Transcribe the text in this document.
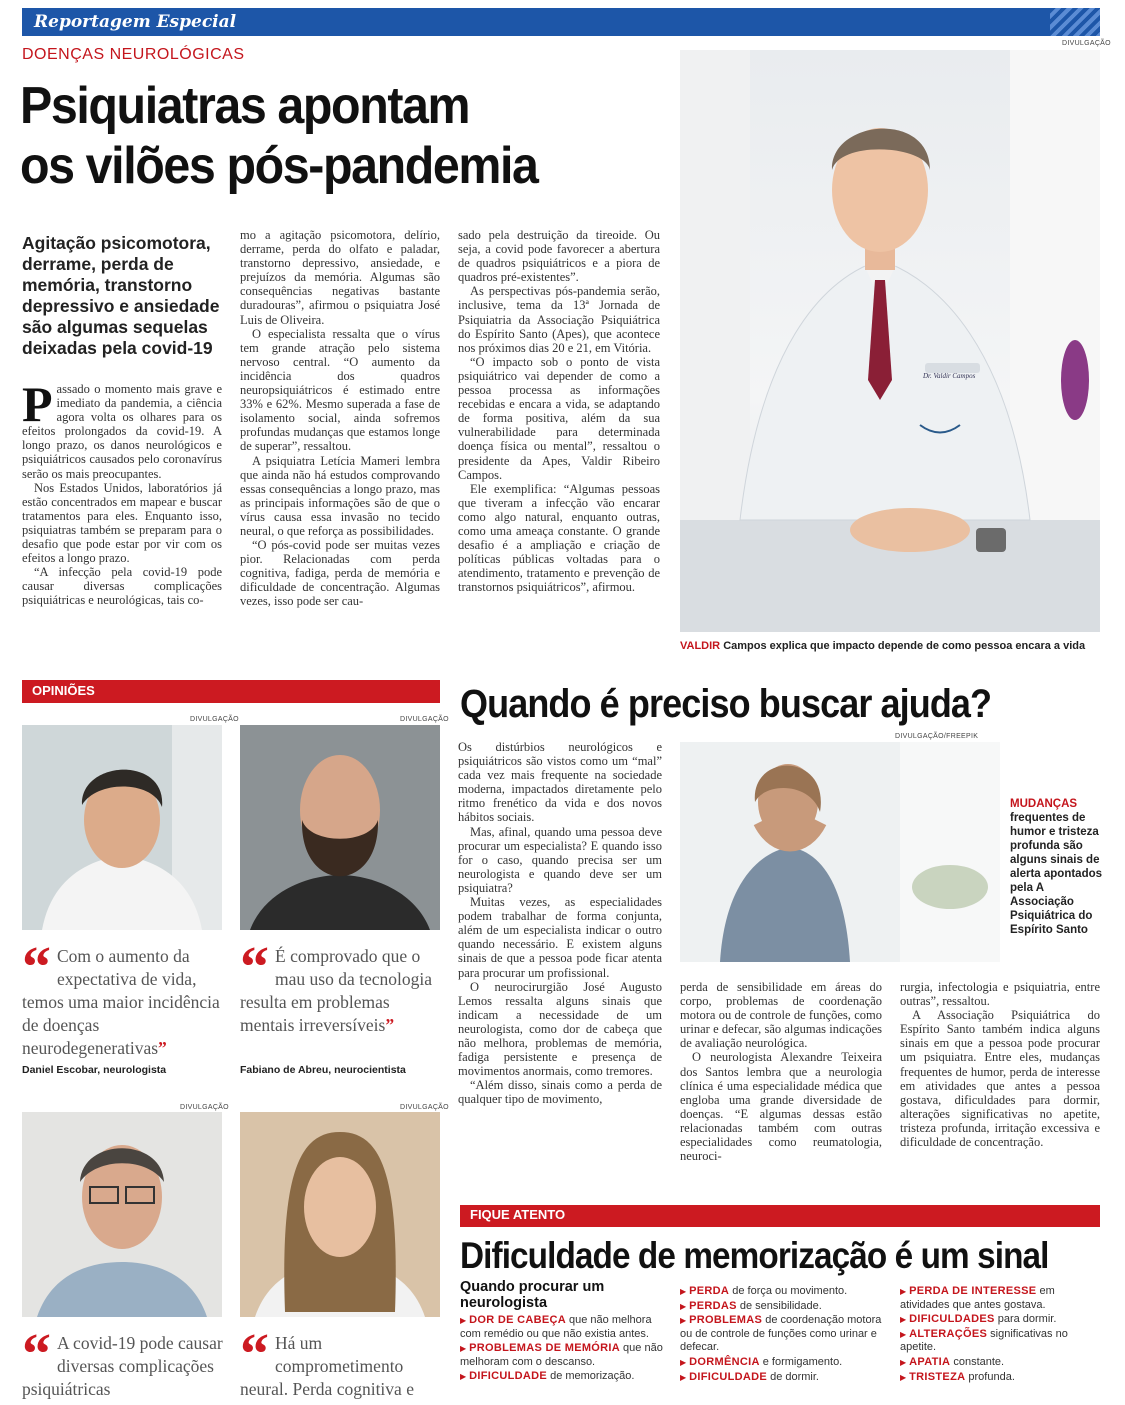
Reportagem Especial
DOENÇAS NEUROLÓGICAS
Psiquiatras apontam
os vilões pós-pandemia
Agitação psicomotora, derrame, perda de memória, transtorno depressivo e ansiedade são algumas sequelas deixadas pela covid-19

Passado o momento mais grave e imediato da pandemia, a ciência agora volta os olhares para os efeitos prolongados da covid-19. A longo prazo, os danos neurológicos e psiquiátricos causados pelo coronavírus serão os mais preocupantes.

Nos Estados Unidos, laboratórios já estão concentrados em mapear e buscar tratamentos para eles. Enquanto isso, psiquiatras também se preparam para o desafio que pode estar por vir com os efeitos a longo prazo.

“A infecção pela covid-19 pode causar diversas complicações psiquiátricas e neurológicas, tais co-

mo a agitação psicomotora, delírio, derrame, perda do olfato e paladar, transtorno depressivo, ansiedade, e prejuízos da memória. Algumas são consequências negativas bastante duradouras”, afirmou o psiquiatra José Luis de Oliveira.

O especialista ressalta que o vírus tem grande atração pelo sistema nervoso central. “O aumento da incidência dos quadros neuropsiquiátricos é estimado entre 33% e 62%. Mesmo superada a fase de isolamento social, ainda sofremos profundas mudanças que estamos longe de superar”, ressaltou.

A psiquiatra Letícia Mameri lembra que ainda não há estudos comprovando essas consequências a longo prazo, mas as principais informações são de que o vírus causa essa invasão no tecido neural, o que reforça as possibilidades.

“O pós-covid pode ser muitas vezes pior. Relacionadas com perda cognitiva, fadiga, perda de memória e dificuldade de concentração. Algumas vezes, isso pode ser cau-

sado pela destruição da tireoide. Ou seja, a covid pode favorecer a abertura de quadros psiquiátricos e a piora de quadros pré-existentes”.

As perspectivas pós-pandemia serão, inclusive, tema da 13ª Jornada de Psiquiatria da Associação Psiquiátrica do Espírito Santo (Apes), que acontece nos próximos dias 20 e 21, em Vitória.

“O impacto sob o ponto de vista psiquiátrico vai depender de como a pessoa processa as informações recebidas e encara a vida, se adaptando de forma positiva, além da sua vulnerabilidade para determinada doença física ou mental”, ressaltou o presidente da Apes, Valdir Ribeiro Campos.

Ele exemplifica: “Algumas pessoas que tiveram a infecção vão encarar como algo natural, enquanto outras, como uma ameaça constante. O grande desafio é a ampliação e criação de políticas públicas voltadas para o atendimento, tratamento e prevenção de transtornos psiquiátricos”, afirmou.

DIVULGAÇÃO
Dr. Valdir Campos
VALDIR Campos explica que impacto depende de como pessoa encara a vida
OPINIÕES
DIVULGAÇÃO	DIVULGAÇÃO
“ Com o aumento da expectativa de vida, temos uma maior incidência de doenças neurodegenerativas”
Daniel Escobar, neurologista
“ É comprovado que o mau uso da tecnologia resulta em problemas mentais irreversíveis”
Fabiano de Abreu, neurocientista
DIVULGAÇÃO	DIVULGAÇÃO
“ A covid-19 pode causar diversas complicações psiquiátricas
“ Há um comprometimento neural. Perda cognitiva e
Quando é preciso buscar ajuda?

Os distúrbios neurológicos e psiquiátricos são vistos como um “mal” cada vez mais frequente na sociedade moderna, impactados diretamente pelo ritmo frenético da vida e dos novos hábitos sociais.

Mas, afinal, quando uma pessoa deve procurar um especialista? E quando isso for o caso, quando precisa ser um neurologista e quando deve ser um psiquiatra?

Muitas vezes, as especialidades podem trabalhar de forma conjunta, além de um especialista indicar o outro quando necessário. E existem alguns sinais de que a pessoa pode ficar atenta para procurar um profissional.

O neurocirurgião José Augusto Lemos ressalta alguns sinais que indicam a necessidade de um neurologista, como dor de cabeça que não melhora, problemas de memória, fadiga persistente e presença de movimentos anormais, como tremores.

“Além disso, sinais como a perda de qualquer tipo de movimento,

DIVULGAÇÃO/FREEPIK
MUDANÇAS
frequentes de humor e tristeza profunda são alguns sinais de alerta apontados pela A Associação Psiquiátrica do Espírito Santo

perda de sensibilidade em áreas do corpo, problemas de coordenação motora ou de controle de funções, como urinar e defecar, são algumas indicações de avaliação neurológica.

O neurologista Alexandre Teixeira dos Santos lembra que a neurologia clínica é uma especialidade médica que engloba uma grande diversidade de doenças. “E algumas dessas estão relacionadas também com outras especialidades como reumatologia, neuroci-

rurgia, infectologia e psiquiatria, entre outras”, ressaltou.

A Associação Psiquiátrica do Espírito Santo também indica alguns sinais em que a pessoa pode procurar um psiquiatra. Entre eles, mudanças frequentes de humor, perda de interesse em atividades que antes a pessoa gostava, dificuldades para dormir, alterações significativas no apetite, tristeza profunda, irritação excessiva e dificuldade de concentração.

FIQUE ATENTO
Dificuldade de memorização é um sinal
Quando procurar um neurologista
▶ DOR DE CABEÇA que não melhora com remédio ou que não existia antes.
▶ PROBLEMAS DE MEMÓRIA que não melhoram com o descanso.
▶ DIFICULDADE de memorização.
▶ PERDA de força ou movimento.
▶ PERDAS de sensibilidade.
▶ PROBLEMAS de coordenação motora ou de controle de funções como urinar e defecar.
▶ DORMÊNCIA e formigamento.
▶ DIFICULDADE de dormir.
▶ PERDA DE INTERESSE em atividades que antes gostava.
▶ DIFICULDADES para dormir.
▶ ALTERAÇÕES significativas no apetite.
▶ APATIA constante.
▶ TRISTEZA profunda.
